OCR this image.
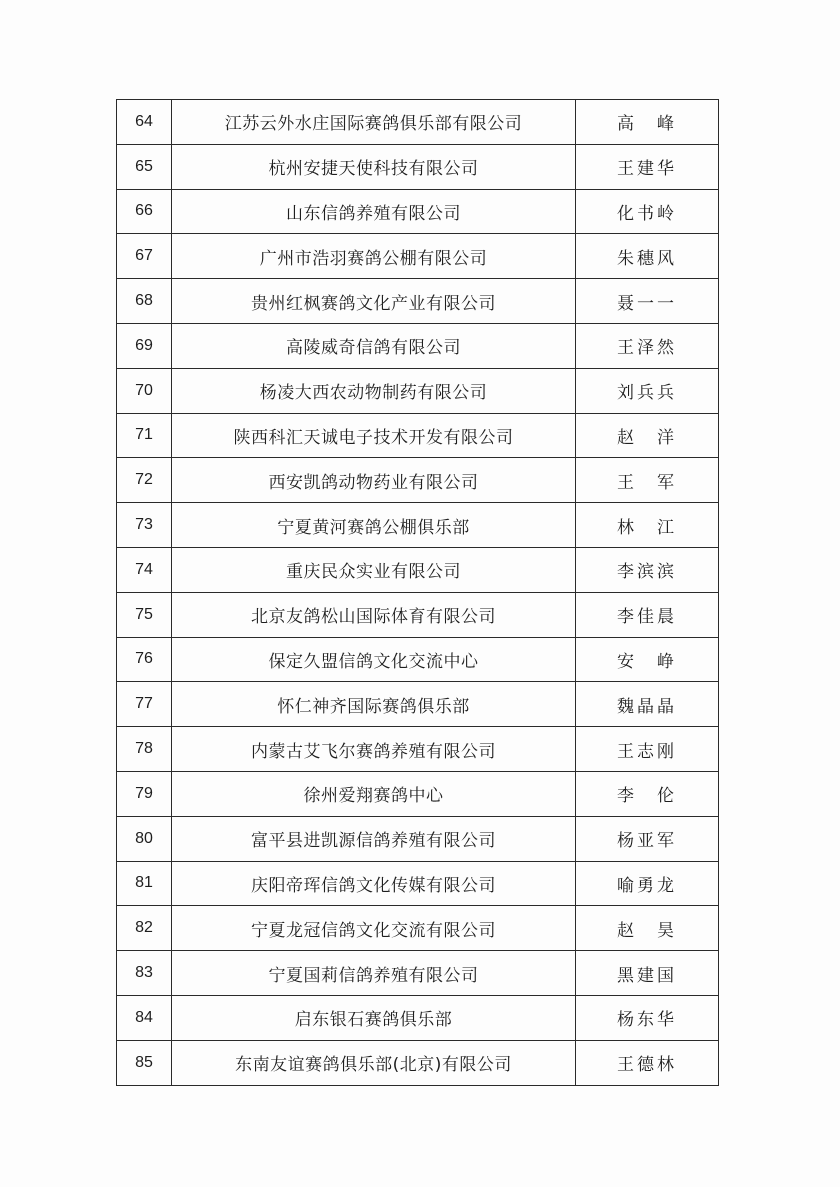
64	江苏云外水庄国际赛鸽俱乐部有限公司	高　峰
65	杭州安捷天使科技有限公司	王建华
66	山东信鸽养殖有限公司	化书岭
67	广州市浩羽赛鸽公棚有限公司	朱穗风
68	贵州红枫赛鸽文化产业有限公司	聂一一
69	高陵威奇信鸽有限公司	王泽然
70	杨凌大西农动物制药有限公司	刘兵兵
71	陕西科汇天诚电子技术开发有限公司	赵　洋
72	西安凯鸽动物药业有限公司	王　军
73	宁夏黄河赛鸽公棚俱乐部	林　江
74	重庆民众实业有限公司	李滨滨
75	北京友鸽松山国际体育有限公司	李佳晨
76	保定久盟信鸽文化交流中心	安　峥
77	怀仁神齐国际赛鸽俱乐部	魏晶晶
78	内蒙古艾飞尔赛鸽养殖有限公司	王志刚
79	徐州爱翔赛鸽中心	李　伦
80	富平县进凯源信鸽养殖有限公司	杨亚军
81	庆阳帝珲信鸽文化传媒有限公司	喻勇龙
82	宁夏龙冠信鸽文化交流有限公司	赵　昊
83	宁夏国莉信鸽养殖有限公司	黑建国
84	启东银石赛鸽俱乐部	杨东华
85	东南友谊赛鸽俱乐部(北京)有限公司	王德林
